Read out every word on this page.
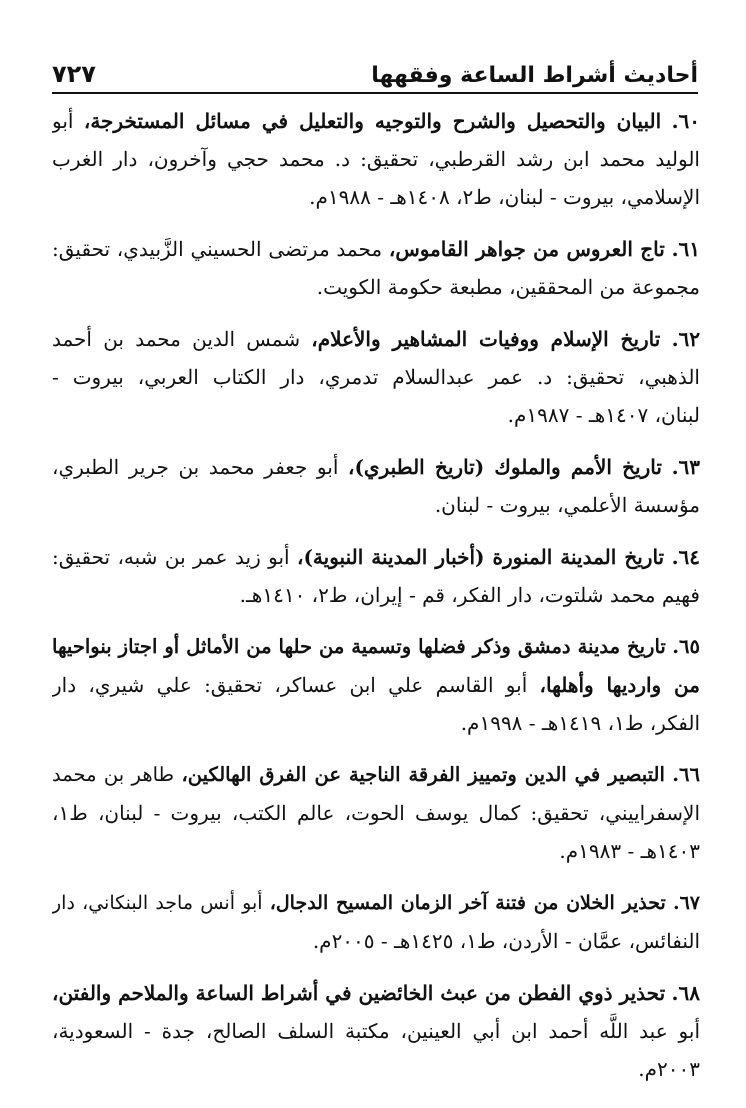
أحاديث أشراط الساعة وفقهها
٧٢٧
٦٠. البيان والتحصيل والشرح والتوجيه والتعليل في مسائل المستخرجة، أبو
الوليد محمد ابن رشد القرطبي، تحقيق: د. محمد حجي وآخرون، دار الغرب
الإسلامي، بيروت - لبنان، ط٢، ١٤٠٨هـ - ١٩٨٨م.
٦١. تاج العروس من جواهر القاموس، محمد مرتضى الحسيني الزَّبيدي، تحقيق:
مجموعة من المحققين، مطبعة حكومة الكويت.
٦٢. تاريخ الإسلام ووفيات المشاهير والأعلام، شمس الدين محمد بن أحمد
الذهبي، تحقيق: د. عمر عبدالسلام تدمري، دار الكتاب العربي، بيروت -
لبنان، ١٤٠٧هـ - ١٩٨٧م.
٦٣. تاريخ الأمم والملوك (تاريخ الطبري)، أبو جعفر محمد بن جرير الطبري،
مؤسسة الأعلمي، بيروت - لبنان.
٦٤. تاريخ المدينة المنورة (أخبار المدينة النبوية)، أبو زيد عمر بن شبه، تحقيق:
فهيم محمد شلتوت، دار الفكر، قم - إيران، ط٢، ١٤١٠هـ.
٦٥. تاريخ مدينة دمشق وذكر فضلها وتسمية من حلها من الأماثل أو اجتاز بنواحيها
من وارديها وأهلها، أبو القاسم علي ابن عساكر، تحقيق: علي شيري، دار
الفكر، ط١، ١٤١٩هـ - ١٩٩٨م.
٦٦. التبصير في الدين وتمييز الفرقة الناجية عن الفرق الهالكين، طاهر بن محمد
الإسفراييني، تحقيق: كمال يوسف الحوت، عالم الكتب، بيروت - لبنان، ط١،
١٤٠٣هـ - ١٩٨٣م.
٦٧. تحذير الخلان من فتنة آخر الزمان المسيح الدجال، أبو أنس ماجد البنكاني، دار
النفائس، عمَّان - الأردن، ط١، ١٤٢٥هـ - ٢٠٠٥م.
٦٨. تحذير ذوي الفطن من عبث الخائضين في أشراط الساعة والملاحم والفتن،
أبو عبد اللَّه أحمد ابن أبي العينين، مكتبة السلف الصالح، جدة - السعودية،
٢٠٠٣م.
